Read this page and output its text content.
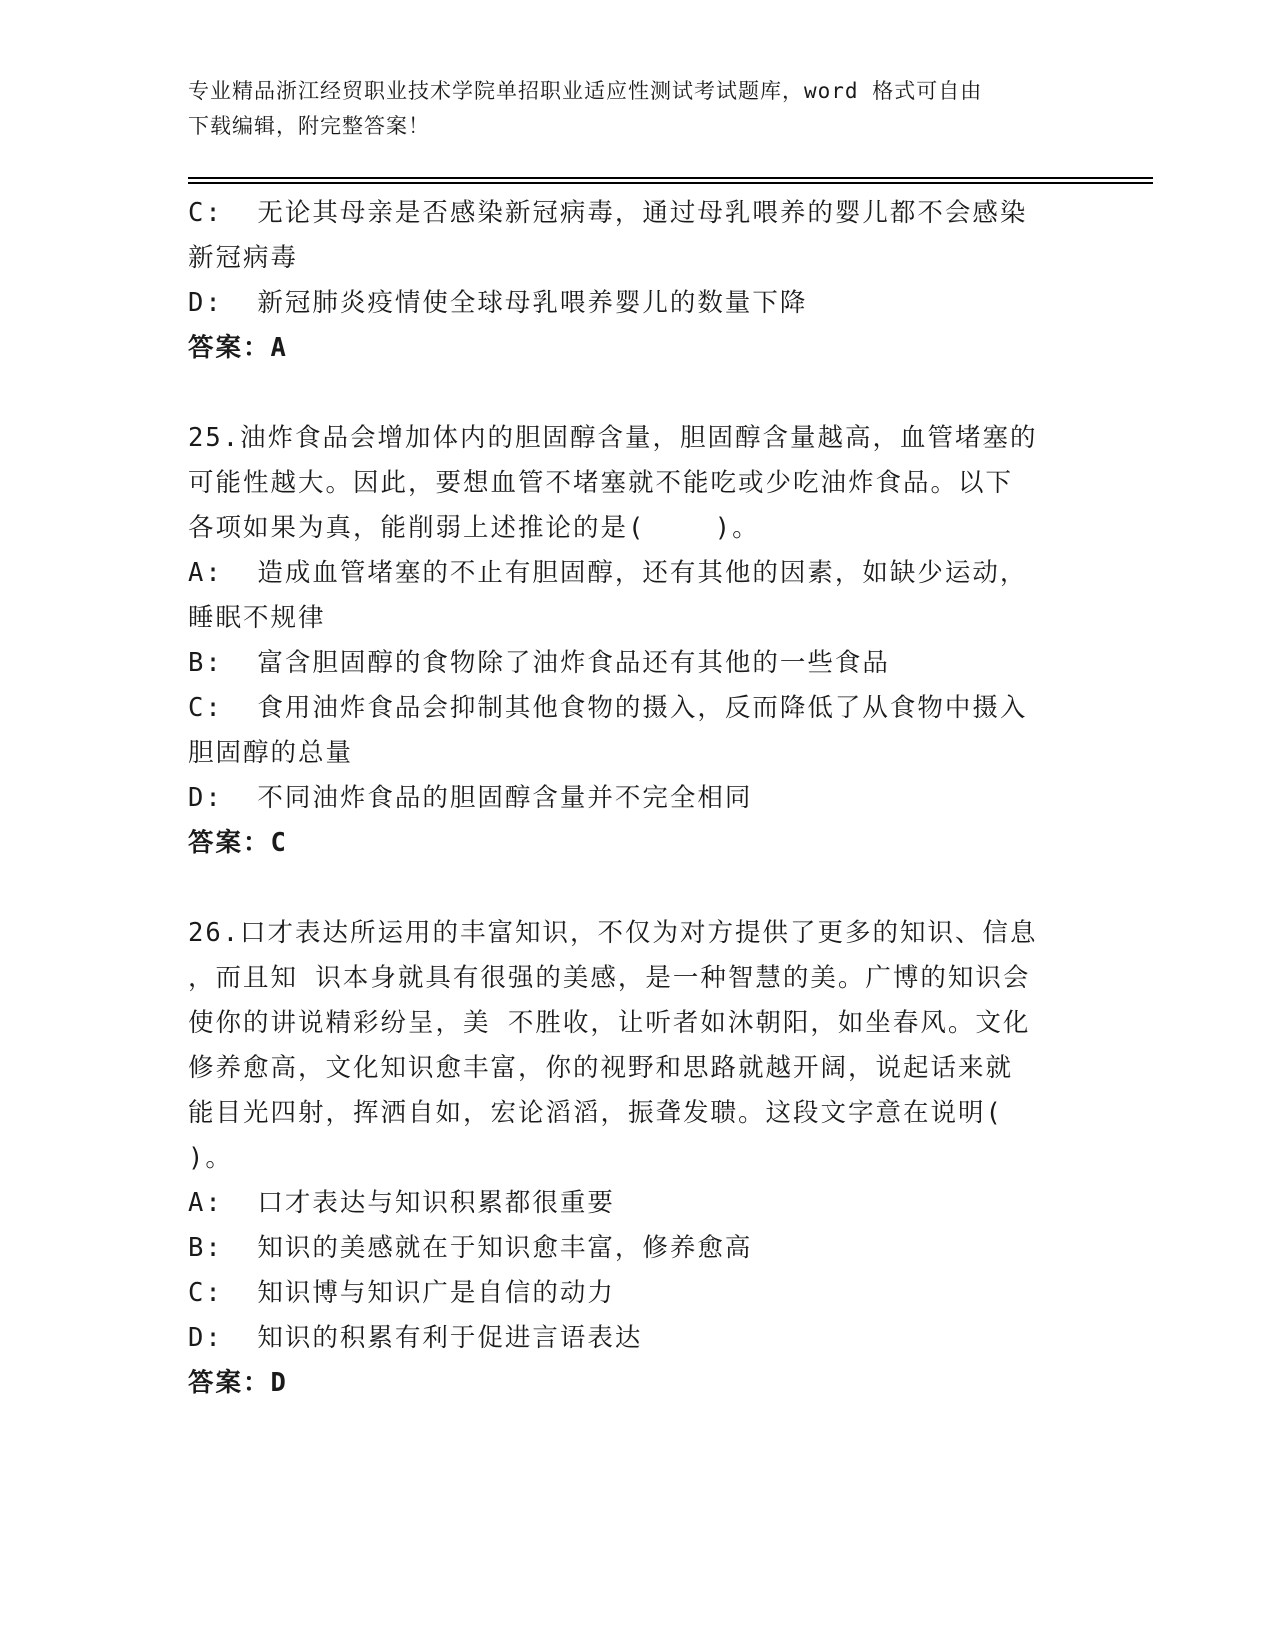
专业精品浙江经贸职业技术学院单招职业适应性测试考试题库，word 格式可自由
下载编辑，附完整答案！
C:  无论其母亲是否感染新冠病毒，通过母乳喂养的婴儿都不会感染
新冠病毒
D:  新冠肺炎疫情使全球母乳喂养婴儿的数量下降
答案：A
25.油炸食品会增加体内的胆固醇含量，胆固醇含量越高，血管堵塞的
可能性越大。因此，要想血管不堵塞就不能吃或少吃油炸食品。以下
各项如果为真，能削弱上述推论的是(    )。
A:  造成血管堵塞的不止有胆固醇，还有其他的因素，如缺少运动，
睡眠不规律
B:  富含胆固醇的食物除了油炸食品还有其他的一些食品
C:  食用油炸食品会抑制其他食物的摄入，反而降低了从食物中摄入
胆固醇的总量
D:  不同油炸食品的胆固醇含量并不完全相同
答案：C
26.口才表达所运用的丰富知识，不仅为对方提供了更多的知识、信息
，而且知 识本身就具有很强的美感，是一种智慧的美。广博的知识会
使你的讲说精彩纷呈，美 不胜收，让听者如沐朝阳，如坐春风。文化
修养愈高，文化知识愈丰富，你的视野和思路就越开阔，说起话来就
能目光四射，挥洒自如，宏论滔滔，振聋发聩。这段文字意在说明(
)。
A:  口才表达与知识积累都很重要
B:  知识的美感就在于知识愈丰富，修养愈高
C:  知识博与知识广是自信的动力
D:  知识的积累有利于促进言语表达
答案：D
